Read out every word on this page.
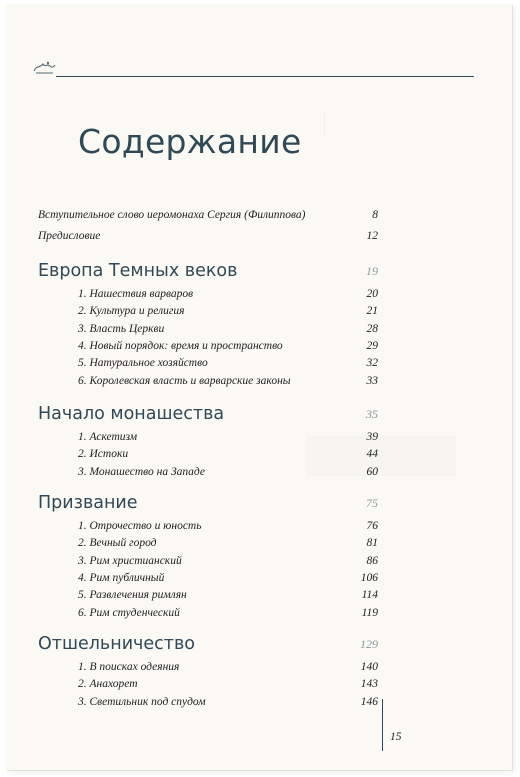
Содержание
Вступительное слово иеромонаха Сергия (Филиппова)	8
Предисловие	12
Европа Темных веков	19
1. Нашествия варваров	20
2. Культура и религия	21
3. Власть Церкви	28
4. Новый порядок: время и пространство	29
5. Натуральное хозяйство	32
6. Королевская власть и варварские законы	33
Начало монашества	35
1. Аскетизм	39
2. Истоки	44
3. Монашество на Западе	60
Призвание	75
1. Отрочество и юность	76
2. Вечный город	81
3. Рим христианский	86
4. Рим публичный	106
5. Развлечения римлян	114
6. Рим студенческий	119
Отшельничество	129
1. В поисках одеяния	140
2. Анахорет	143
3. Светильник под спудом	146
15
